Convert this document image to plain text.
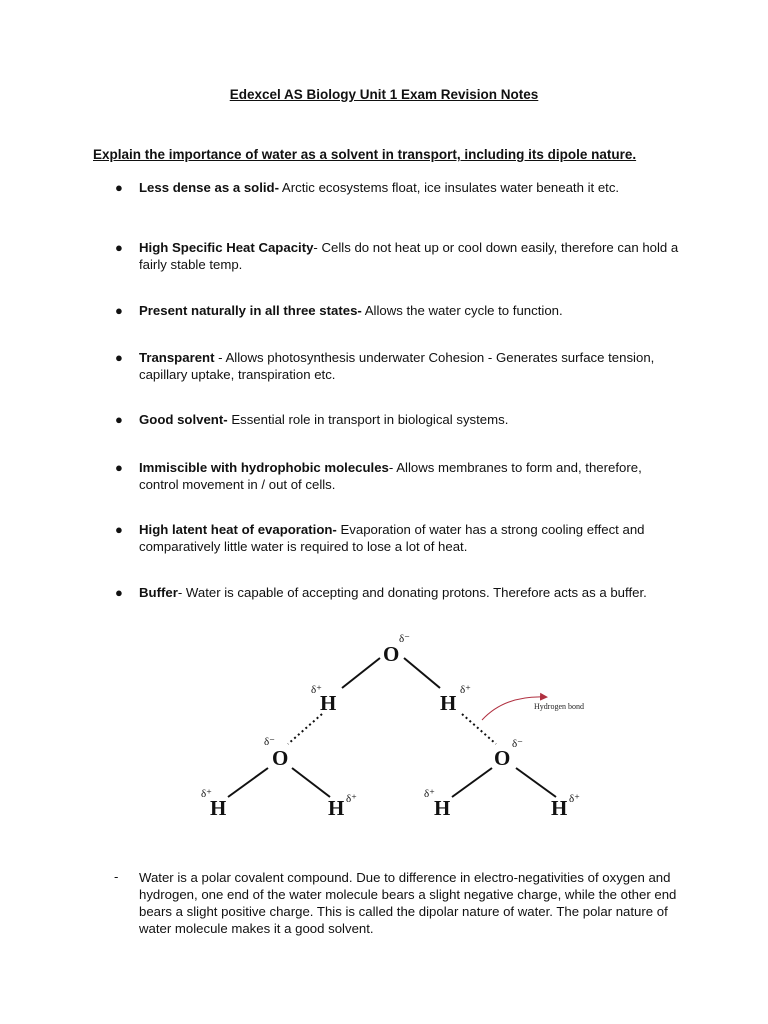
Edexcel AS Biology Unit 1 Exam Revision Notes
Explain the importance of water as a solvent in transport, including its dipole nature.
● Less dense as a solid- Arctic ecosystems float, ice insulates water beneath it etc.
● High Specific Heat Capacity- Cells do not heat up or cool down easily, therefore can hold a fairly stable temp.
● Present naturally in all three states- Allows the water cycle to function.
● Transparent - Allows photosynthesis underwater Cohesion - Generates surface tension, capillary uptake, transpiration etc.
● Good solvent- Essential role in transport in biological systems.
● Immiscible with hydrophobic molecules- Allows membranes to form and, therefore, control movement in / out of cells.
● High latent heat of evaporation- Evaporation of water has a strong cooling effect and comparatively little water is required to lose a lot of heat.
● Buffer- Water is capable of accepting and donating protons. Therefore acts as a buffer.
O
H	H
O	O
H	H	H	H
δ⁻
δ⁺	δ⁺
δ⁻	δ⁻
δ⁺	δ⁺	δ⁺	δ⁺
Hydrogen bond
- Water is a polar covalent compound. Due to difference in electro-negativities of oxygen and hydrogen, one end of the water molecule bears a slight negative charge, while the other end bears a slight positive charge. This is called the dipolar nature of water. The polar nature of water molecule makes it a good solvent.
